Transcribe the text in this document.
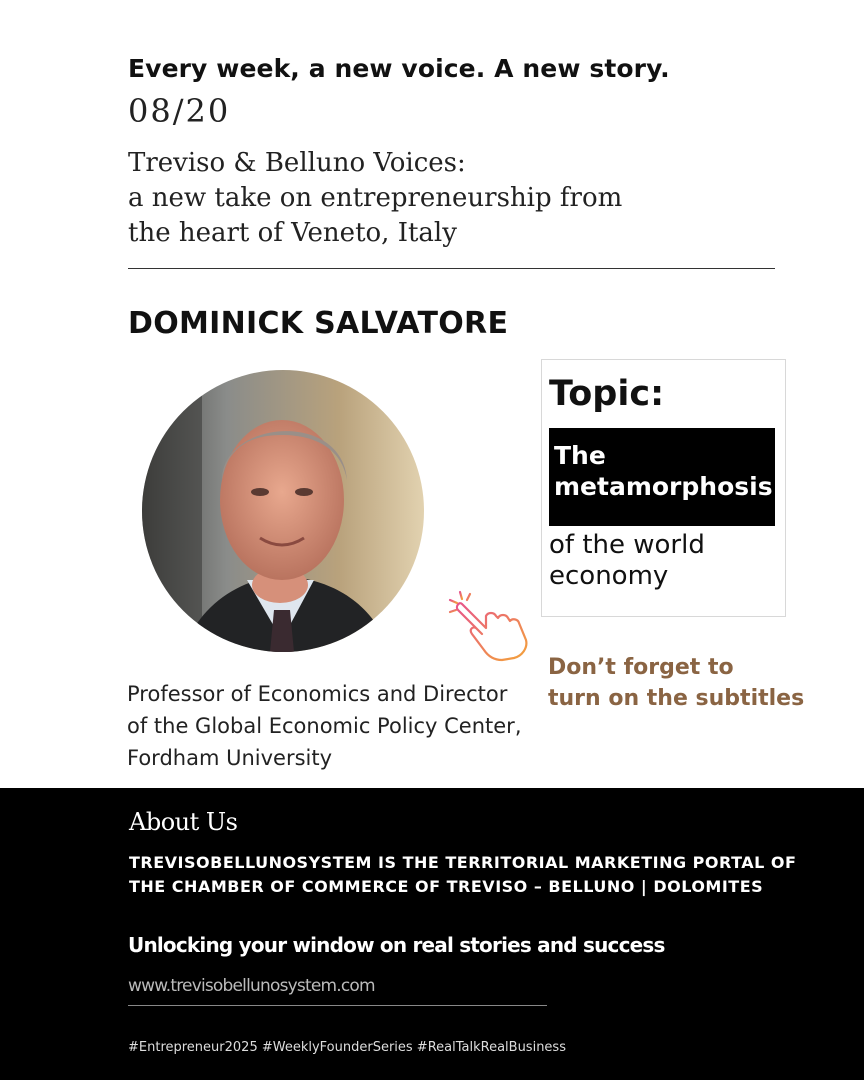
Every week, a new voice. A new story.
08/20
Treviso & Belluno Voices:
a new take on entrepreneurship from
the heart of Veneto, Italy
DOMINICK SALVATORE
Topic:
The
metamorphosis
of the world
economy
Don’t forget to
turn on the subtitles
Professor of Economics and Director
of the Global Economic Policy Center,
Fordham University
About Us
TREVISOBELLUNOSYSTEM IS THE TERRITORIAL MARKETING PORTAL OF
THE CHAMBER OF COMMERCE OF TREVISO – BELLUNO | DOLOMITES
Unlocking your window on real stories and success
www.trevisobellunosystem.com
#Entrepreneur2025 #WeeklyFounderSeries #RealTalkRealBusiness
